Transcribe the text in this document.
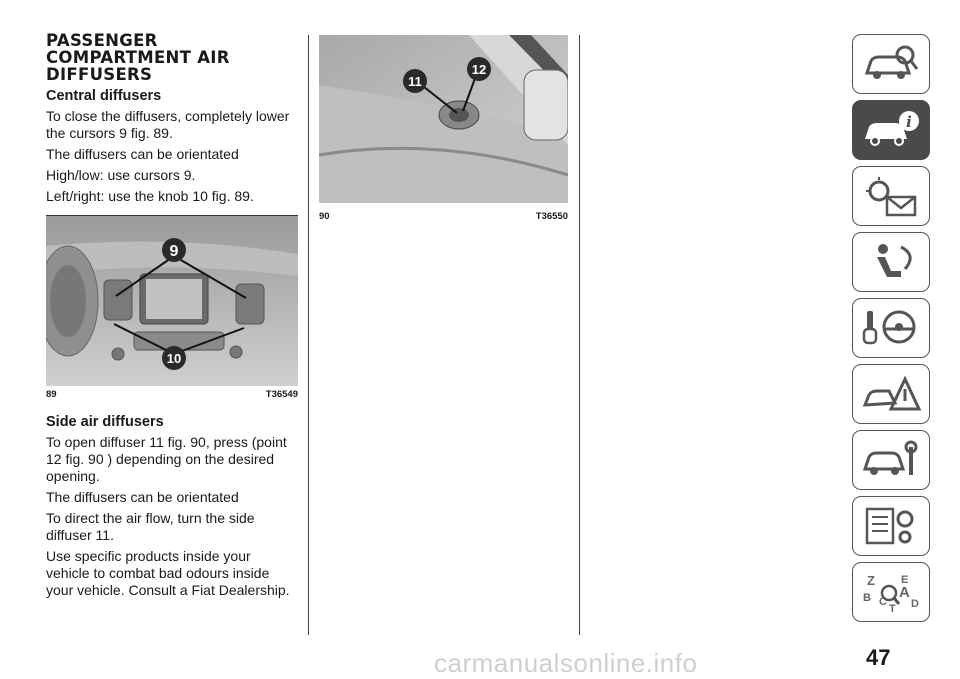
PASSENGER COMPARTMENT AIR DIFFUSERS
Central diffusers

To close the diffusers, completely lower the cursors 9 fig. 89.

The diffusers can be orientated

High/low: use cursors 9.

Left/right: use the knob 10 fig. 89.

9
10
89	T36549
Side air diffusers

To open diffuser 11 fig. 90, press (point 12 fig. 90 ) depending on the desired opening.

The diffusers can be orientated

To direct the air flow, turn the side diffuser 11.

Use specific products inside your vehicle to combat bad odours inside your vehicle. Consult a Fiat Dealership.

11
12
90	T36550
i
Z E
A
B C D
T
47
carmanualsonline.info
